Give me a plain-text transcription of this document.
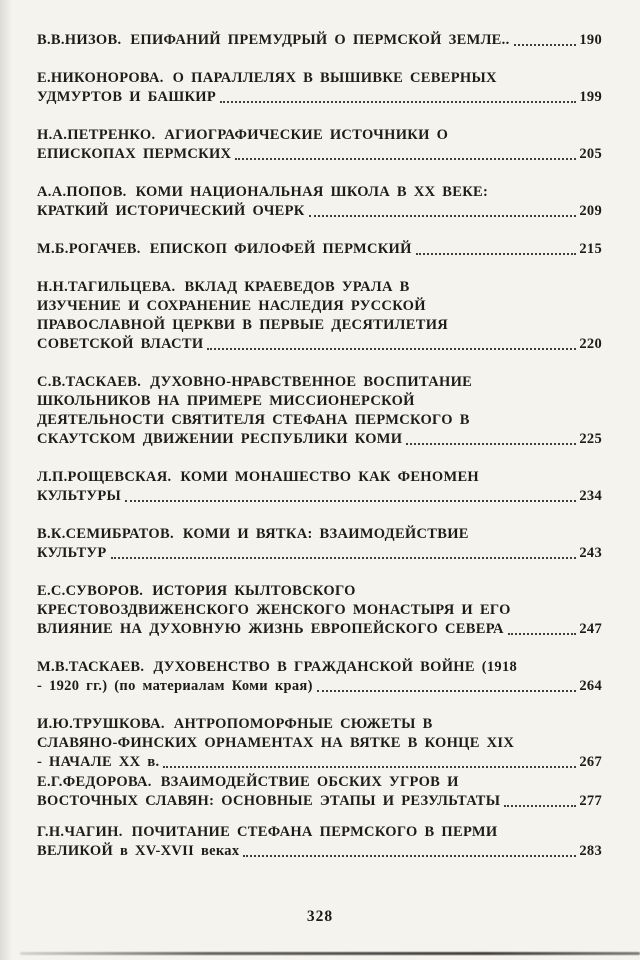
В.В.НИЗОВ. ЕПИФАНИЙ ПРЕМУДРЫЙ О ПЕРМСКОЙ ЗЕМЛЕ..	190
Е.НИКОНОРОВА. О ПАРАЛЛЕЛЯХ В ВЫШИВКЕ СЕВЕРНЫХ
УДМУРТОВ И БАШКИР	199
Н.А.ПЕТРЕНКО. АГИОГРАФИЧЕСКИЕ ИСТОЧНИКИ О
ЕПИСКОПАХ ПЕРМСКИХ	205
А.А.ПОПОВ. КОМИ НАЦИОНАЛЬНАЯ ШКОЛА В XX ВЕКЕ:
КРАТКИЙ ИСТОРИЧЕСКИЙ ОЧЕРК	209
М.Б.РОГАЧЕВ. ЕПИСКОП ФИЛОФЕЙ ПЕРМСКИЙ	215
Н.Н.ТАГИЛЬЦЕВА. ВКЛАД КРАЕВЕДОВ УРАЛА В
ИЗУЧЕНИЕ И СОХРАНЕНИЕ НАСЛЕДИЯ РУССКОЙ
ПРАВОСЛАВНОЙ ЦЕРКВИ В ПЕРВЫЕ ДЕСЯТИЛЕТИЯ
СОВЕТСКОЙ ВЛАСТИ	220
С.В.ТАСКАЕВ. ДУХОВНО-НРАВСТВЕННОЕ ВОСПИТАНИЕ
ШКОЛЬНИКОВ НА ПРИМЕРЕ МИССИОНЕРСКОЙ
ДЕЯТЕЛЬНОСТИ СВЯТИТЕЛЯ СТЕФАНА ПЕРМСКОГО В
СКАУТСКОМ ДВИЖЕНИИ РЕСПУБЛИКИ КОМИ	225
Л.П.РОЩЕВСКАЯ. КОМИ МОНАШЕСТВО КАК ФЕНОМЕН
КУЛЬТУРЫ	234
В.К.СЕМИБРАТОВ. КОМИ И ВЯТКА: ВЗАИМОДЕЙСТВИЕ
КУЛЬТУР	243
Е.С.СУВОРОВ. ИСТОРИЯ КЫЛТОВСКОГО
КРЕСТОВОЗДВИЖЕНСКОГО ЖЕНСКОГО МОНАСТЫРЯ И ЕГО
ВЛИЯНИЕ НА ДУХОВНУЮ ЖИЗНЬ ЕВРОПЕЙСКОГО СЕВЕРА	247
М.В.ТАСКАЕВ. ДУХОВЕНСТВО В ГРАЖДАНСКОЙ ВОЙНЕ (1918
- 1920 гг.) (по материалам Коми края)	264
И.Ю.ТРУШКОВА. АНТРОПОМОРФНЫЕ СЮЖЕТЫ В
СЛАВЯНО-ФИНСКИХ ОРНАМЕНТАХ НА ВЯТКЕ В КОНЦЕ XIX
- НАЧАЛЕ XX в.	267
Е.Г.ФЕДОРОВА. ВЗАИМОДЕЙСТВИЕ ОБСКИХ УГРОВ И
ВОСТОЧНЫХ СЛАВЯН: ОСНОВНЫЕ ЭТАПЫ И РЕЗУЛЬТАТЫ	277
Г.Н.ЧАГИН. ПОЧИТАНИЕ СТЕФАНА ПЕРМСКОГО В ПЕРМИ
ВЕЛИКОЙ в XV-XVII веках	283
328
